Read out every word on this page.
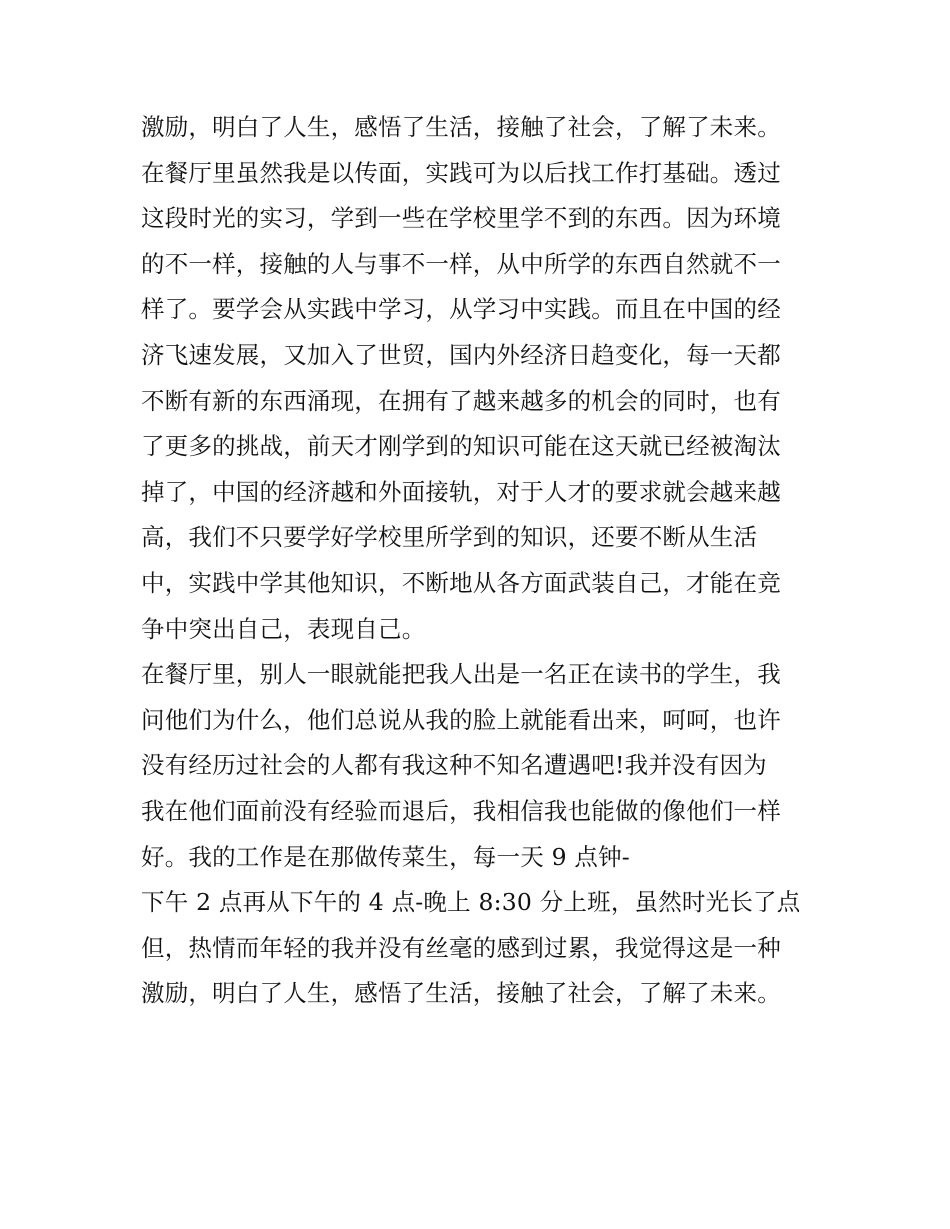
激励，明白了人生，感悟了生活，接触了社会，了解了未来。
在餐厅里虽然我是以传面，实践可为以后找工作打基础。透过
这段时光的实习，学到一些在学校里学不到的东西。因为环境
的不一样，接触的人与事不一样，从中所学的东西自然就不一
样了。要学会从实践中学习，从学习中实践。而且在中国的经
济飞速发展，又加入了世贸，国内外经济日趋变化，每一天都
不断有新的东西涌现，在拥有了越来越多的机会的同时，也有
了更多的挑战，前天才刚学到的知识可能在这天就已经被淘汰
掉了，中国的经济越和外面接轨，对于人才的要求就会越来越
高，我们不只要学好学校里所学到的知识，还要不断从生活
中，实践中学其他知识，不断地从各方面武装自己，才能在竞
争中突出自己，表现自己。
在餐厅里，别人一眼就能把我人出是一名正在读书的学生，我
问他们为什么，他们总说从我的脸上就能看出来，呵呵，也许
没有经历过社会的人都有我这种不知名遭遇吧!我并没有因为
我在他们面前没有经验而退后，我相信我也能做的像他们一样
好。我的工作是在那做传菜生，每一天 9 点钟-
下午 2 点再从下午的 4 点-晚上 8:30 分上班，虽然时光长了点
但，热情而年轻的我并没有丝毫的感到过累，我觉得这是一种
激励，明白了人生，感悟了生活，接触了社会，了解了未来。
